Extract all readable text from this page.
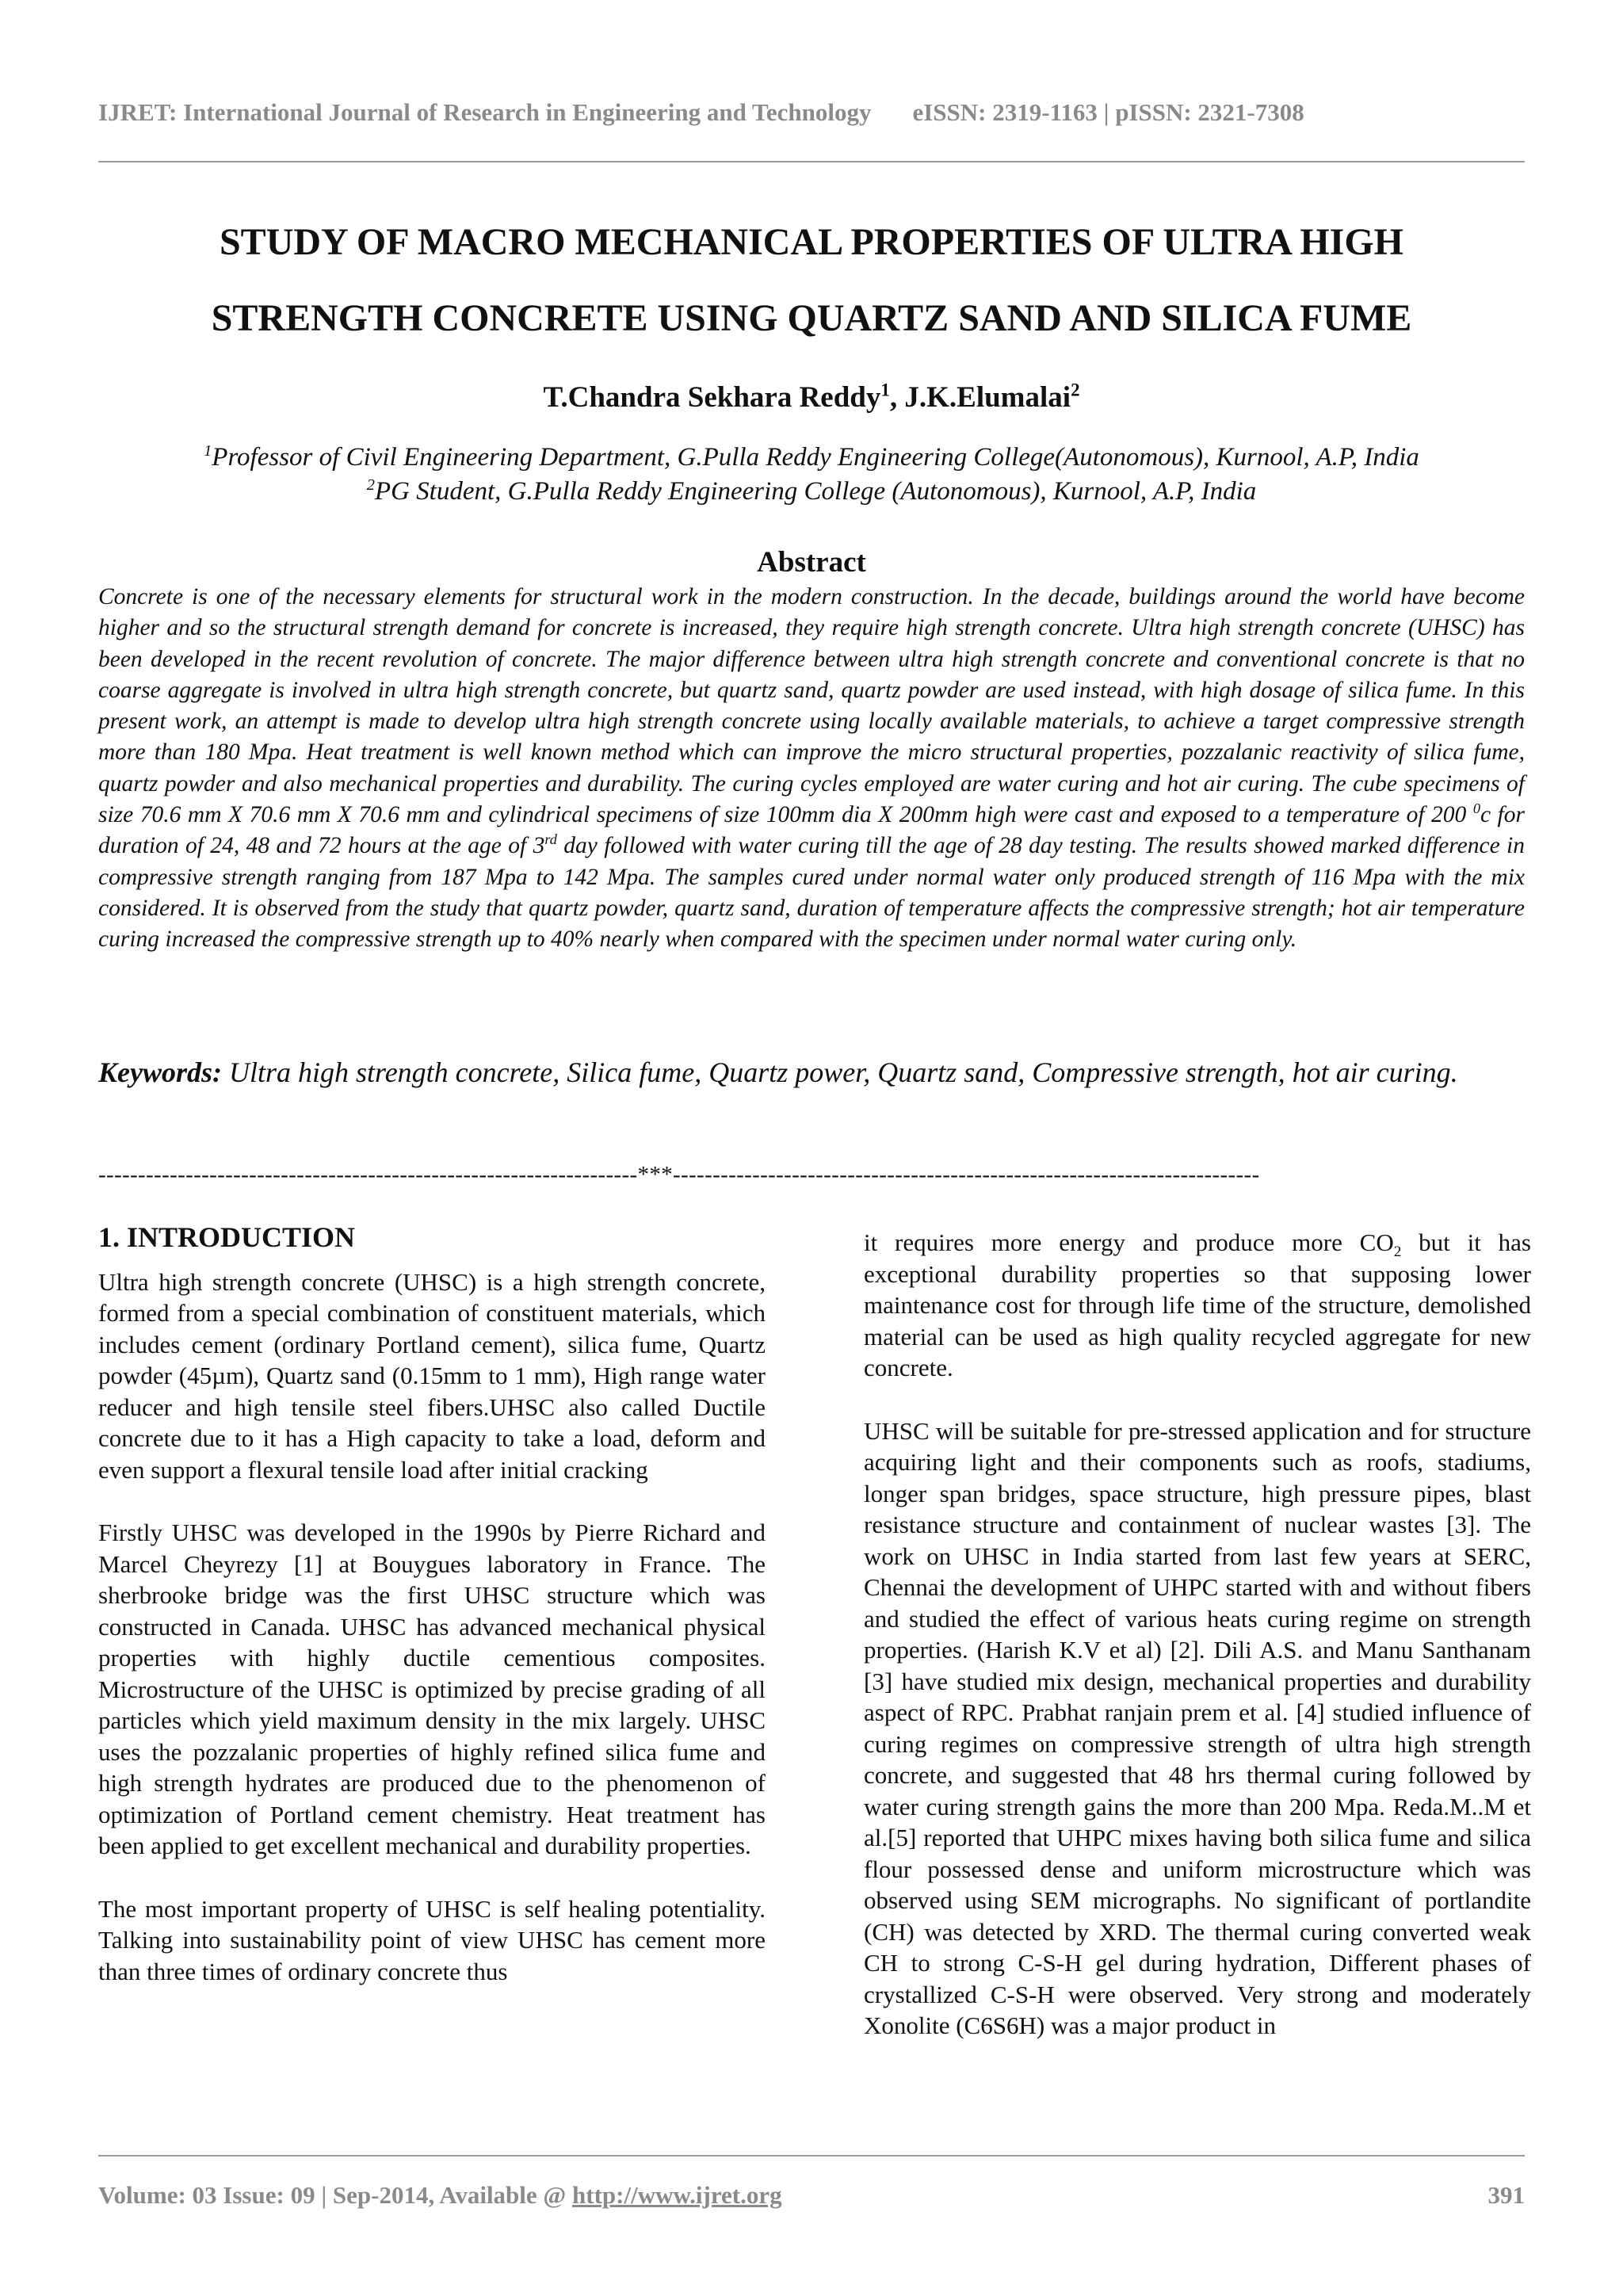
IJRET: International Journal of Research in Engineering and Technology eISSN: 2319-1163 | pISSN: 2321-7308
STUDY OF MACRO MECHANICAL PROPERTIES OF ULTRA HIGH
STRENGTH CONCRETE USING QUARTZ SAND AND SILICA FUME
T.Chandra Sekhara Reddy$^1$, J.K.Elumalai$^2$
$^1$Professor of Civil Engineering Department, G.Pulla Reddy Engineering College(Autonomous), Kurnool, A.P, India
$^2$PG Student, G.Pulla Reddy Engineering College (Autonomous), Kurnool, A.P, India
Abstract
Concrete is one of the necessary elements for structural work in the modern construction. In the decade, buildings around the world have become higher and so the structural strength demand for concrete is increased, they require high strength concrete. Ultra high strength concrete (UHSC) has been developed in the recent revolution of concrete. The major difference between ultra high strength concrete and conventional concrete is that no coarse aggregate is involved in ultra high strength concrete, but quartz sand, quartz powder are used instead, with high dosage of silica fume. In this present work, an attempt is made to develop ultra high strength concrete using locally available materials, to achieve a target compressive strength more than 180 Mpa. Heat treatment is well known method which can improve the micro structural properties, pozzalanic reactivity of silica fume, quartz powder and also mechanical properties and durability. The curing cycles employed are water curing and hot air curing. The cube specimens of size 70.6 mm X 70.6 mm X 70.6 mm and cylindrical specimens of size 100mm dia X 200mm high were cast and exposed to a temperature of 200 $^0$c for duration of 24, 48 and 72 hours at the age of 3rd day followed with water curing till the age of 28 day testing. The results showed marked difference in compressive strength ranging from 187 Mpa to 142 Mpa. The samples cured under normal water only produced strength of 116 Mpa with the mix considered. It is observed from the study that quartz powder, quartz sand, duration of temperature affects the compressive strength; hot air temperature curing increased the compressive strength up to 40% nearly when compared with the specimen under normal water curing only.
Keywords: Ultra high strength concrete, Silica fume, Quartz power, Quartz sand, Compressive strength, hot air curing.
--------------------------------------------------------------------***--------------------------------------------------------------------------
1. INTRODUCTION

Ultra high strength concrete (UHSC) is a high strength concrete, formed from a special combination of constituent materials, which includes cement (ordinary Portland cement), silica fume, Quartz powder (45µm), Quartz sand (0.15mm to 1 mm), High range water reducer and high tensile steel fibers.UHSC also called Ductile concrete due to it has a High capacity to take a load, deform and even support a flexural tensile load after initial cracking

Firstly UHSC was developed in the 1990s by Pierre Richard and Marcel Cheyrezy [1] at Bouygues laboratory in France. The sherbrooke bridge was the first UHSC structure which was constructed in Canada. UHSC has advanced mechanical physical properties with highly ductile cementious composites. Microstructure of the UHSC is optimized by precise grading of all particles which yield maximum density in the mix largely. UHSC uses the pozzalanic properties of highly refined silica fume and high strength hydrates are produced due to the phenomenon of optimization of Portland cement chemistry. Heat treatment has been applied to get excellent mechanical and durability properties.

The most important property of UHSC is self healing potentiality. Talking into sustainability point of view UHSC has cement more than three times of ordinary concrete thus

it requires more energy and produce more $CO_2$ but it has exceptional durability properties so that supposing lower maintenance cost for through life time of the structure, demolished material can be used as high quality recycled aggregate for new concrete.

UHSC will be suitable for pre-stressed application and for structure acquiring light and their components such as roofs, stadiums, longer span bridges, space structure, high pressure pipes, blast resistance structure and containment of nuclear wastes [3]. The work on UHSC in India started from last few years at SERC, Chennai the development of UHPC started with and without fibers and studied the effect of various heats curing regime on strength properties. (Harish K.V et al) [2]. Dili A.S. and Manu Santhanam [3] have studied mix design, mechanical properties and durability aspect of RPC. Prabhat ranjain prem et al. [4] studied influence of curing regimes on compressive strength of ultra high strength concrete, and suggested that 48 hrs thermal curing followed by water curing strength gains the more than 200 Mpa. Reda.M..M et al.[5] reported that UHPC mixes having both silica fume and silica flour possessed dense and uniform microstructure which was observed using SEM micrographs. No significant of portlandite (CH) was detected by XRD. The thermal curing converted weak CH to strong C-S-H gel during hydration, Different phases of crystallized C-S-H were observed. Very strong and moderately Xonolite (C6S6H) was a major product in

Volume: 03 Issue: 09 | Sep-2014, Available @ http://www.ijret.org	391
